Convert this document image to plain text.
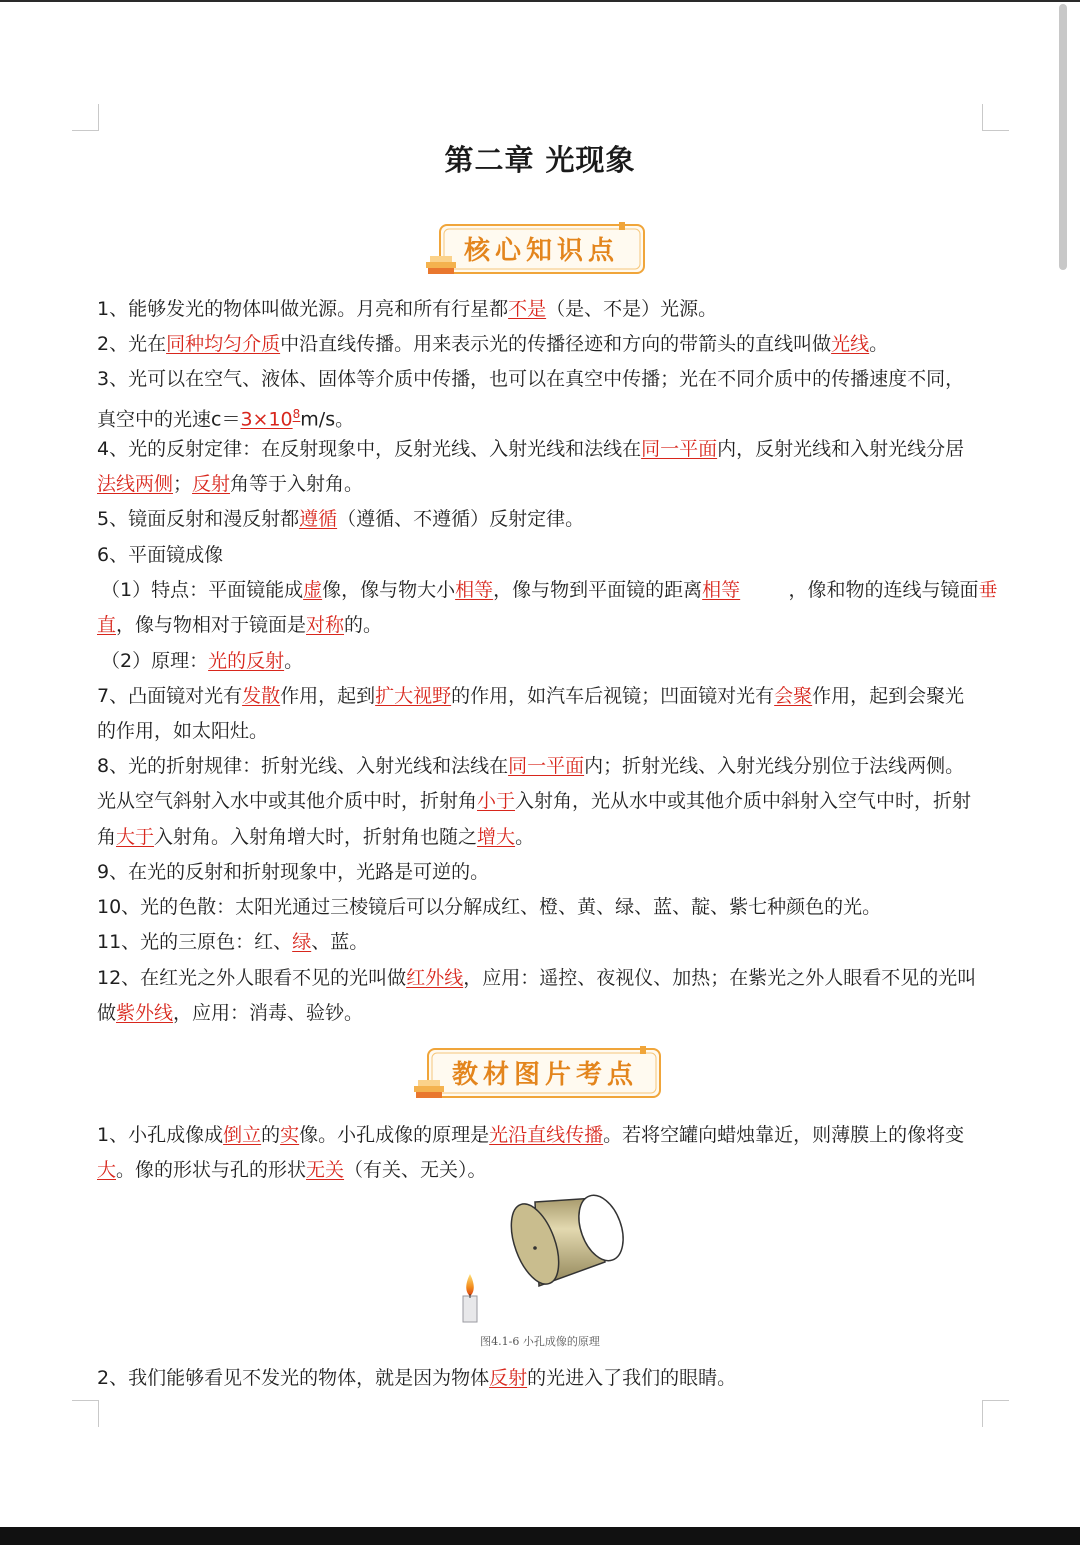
第二章 光现象
核心知识点
1、能够发光的物体叫做光源。月亮和所有行星都不是（是、不是）光源。
2、光在同种均匀介质中沿直线传播。用来表示光的传播径迹和方向的带箭头的直线叫做光线。
3、光可以在空气、液体、固体等介质中传播，也可以在真空中传播；光在不同介质中的传播速度不同，
真空中的光速$c=3\times 10^8m/s$。
4、光的反射定律：在反射现象中，反射光线、入射光线和法线在同一平面内，反射光线和入射光线分居
法线两侧；反射角等于入射角。
5、镜面反射和漫反射都遵循（遵循、不遵循）反射定律。
6、平面镜成像
（1）特点：平面镜能成虚像，像与物大小相等，像与物到平面镜的距离相等        ，像和物的连线与镜面垂
直，像与物相对于镜面是对称的。
（2）原理：光的反射。
7、凸面镜对光有发散作用，起到扩大视野的作用，如汽车后视镜；凹面镜对光有会聚作用，起到会聚光
的作用，如太阳灶。
8、光的折射规律：折射光线、入射光线和法线在同一平面内；折射光线、入射光线分别位于法线两侧。
光从空气斜射入水中或其他介质中时，折射角小于入射角，光从水中或其他介质中斜射入空气中时，折射
角大于入射角。入射角增大时，折射角也随之增大。
9、在光的反射和折射现象中，光路是可逆的。
10、光的色散：太阳光通过三棱镜后可以分解成红、橙、黄、绿、蓝、靛、紫七种颜色的光。
11、光的三原色：红、绿、蓝。
12、在红光之外人眼看不见的光叫做红外线，应用：遥控、夜视仪、加热；在紫光之外人眼看不见的光叫
做紫外线，应用：消毒、验钞。
教材图片考点
1、小孔成像成倒立的实像。小孔成像的原理是光沿直线传播。若将空罐向蜡烛靠近，则薄膜上的像将变
大。像的形状与孔的形状无关（有关、无关）。
图4.1-6 小孔成像的原理
2、我们能够看见不发光的物体，就是因为物体反射的光进入了我们的眼睛。
